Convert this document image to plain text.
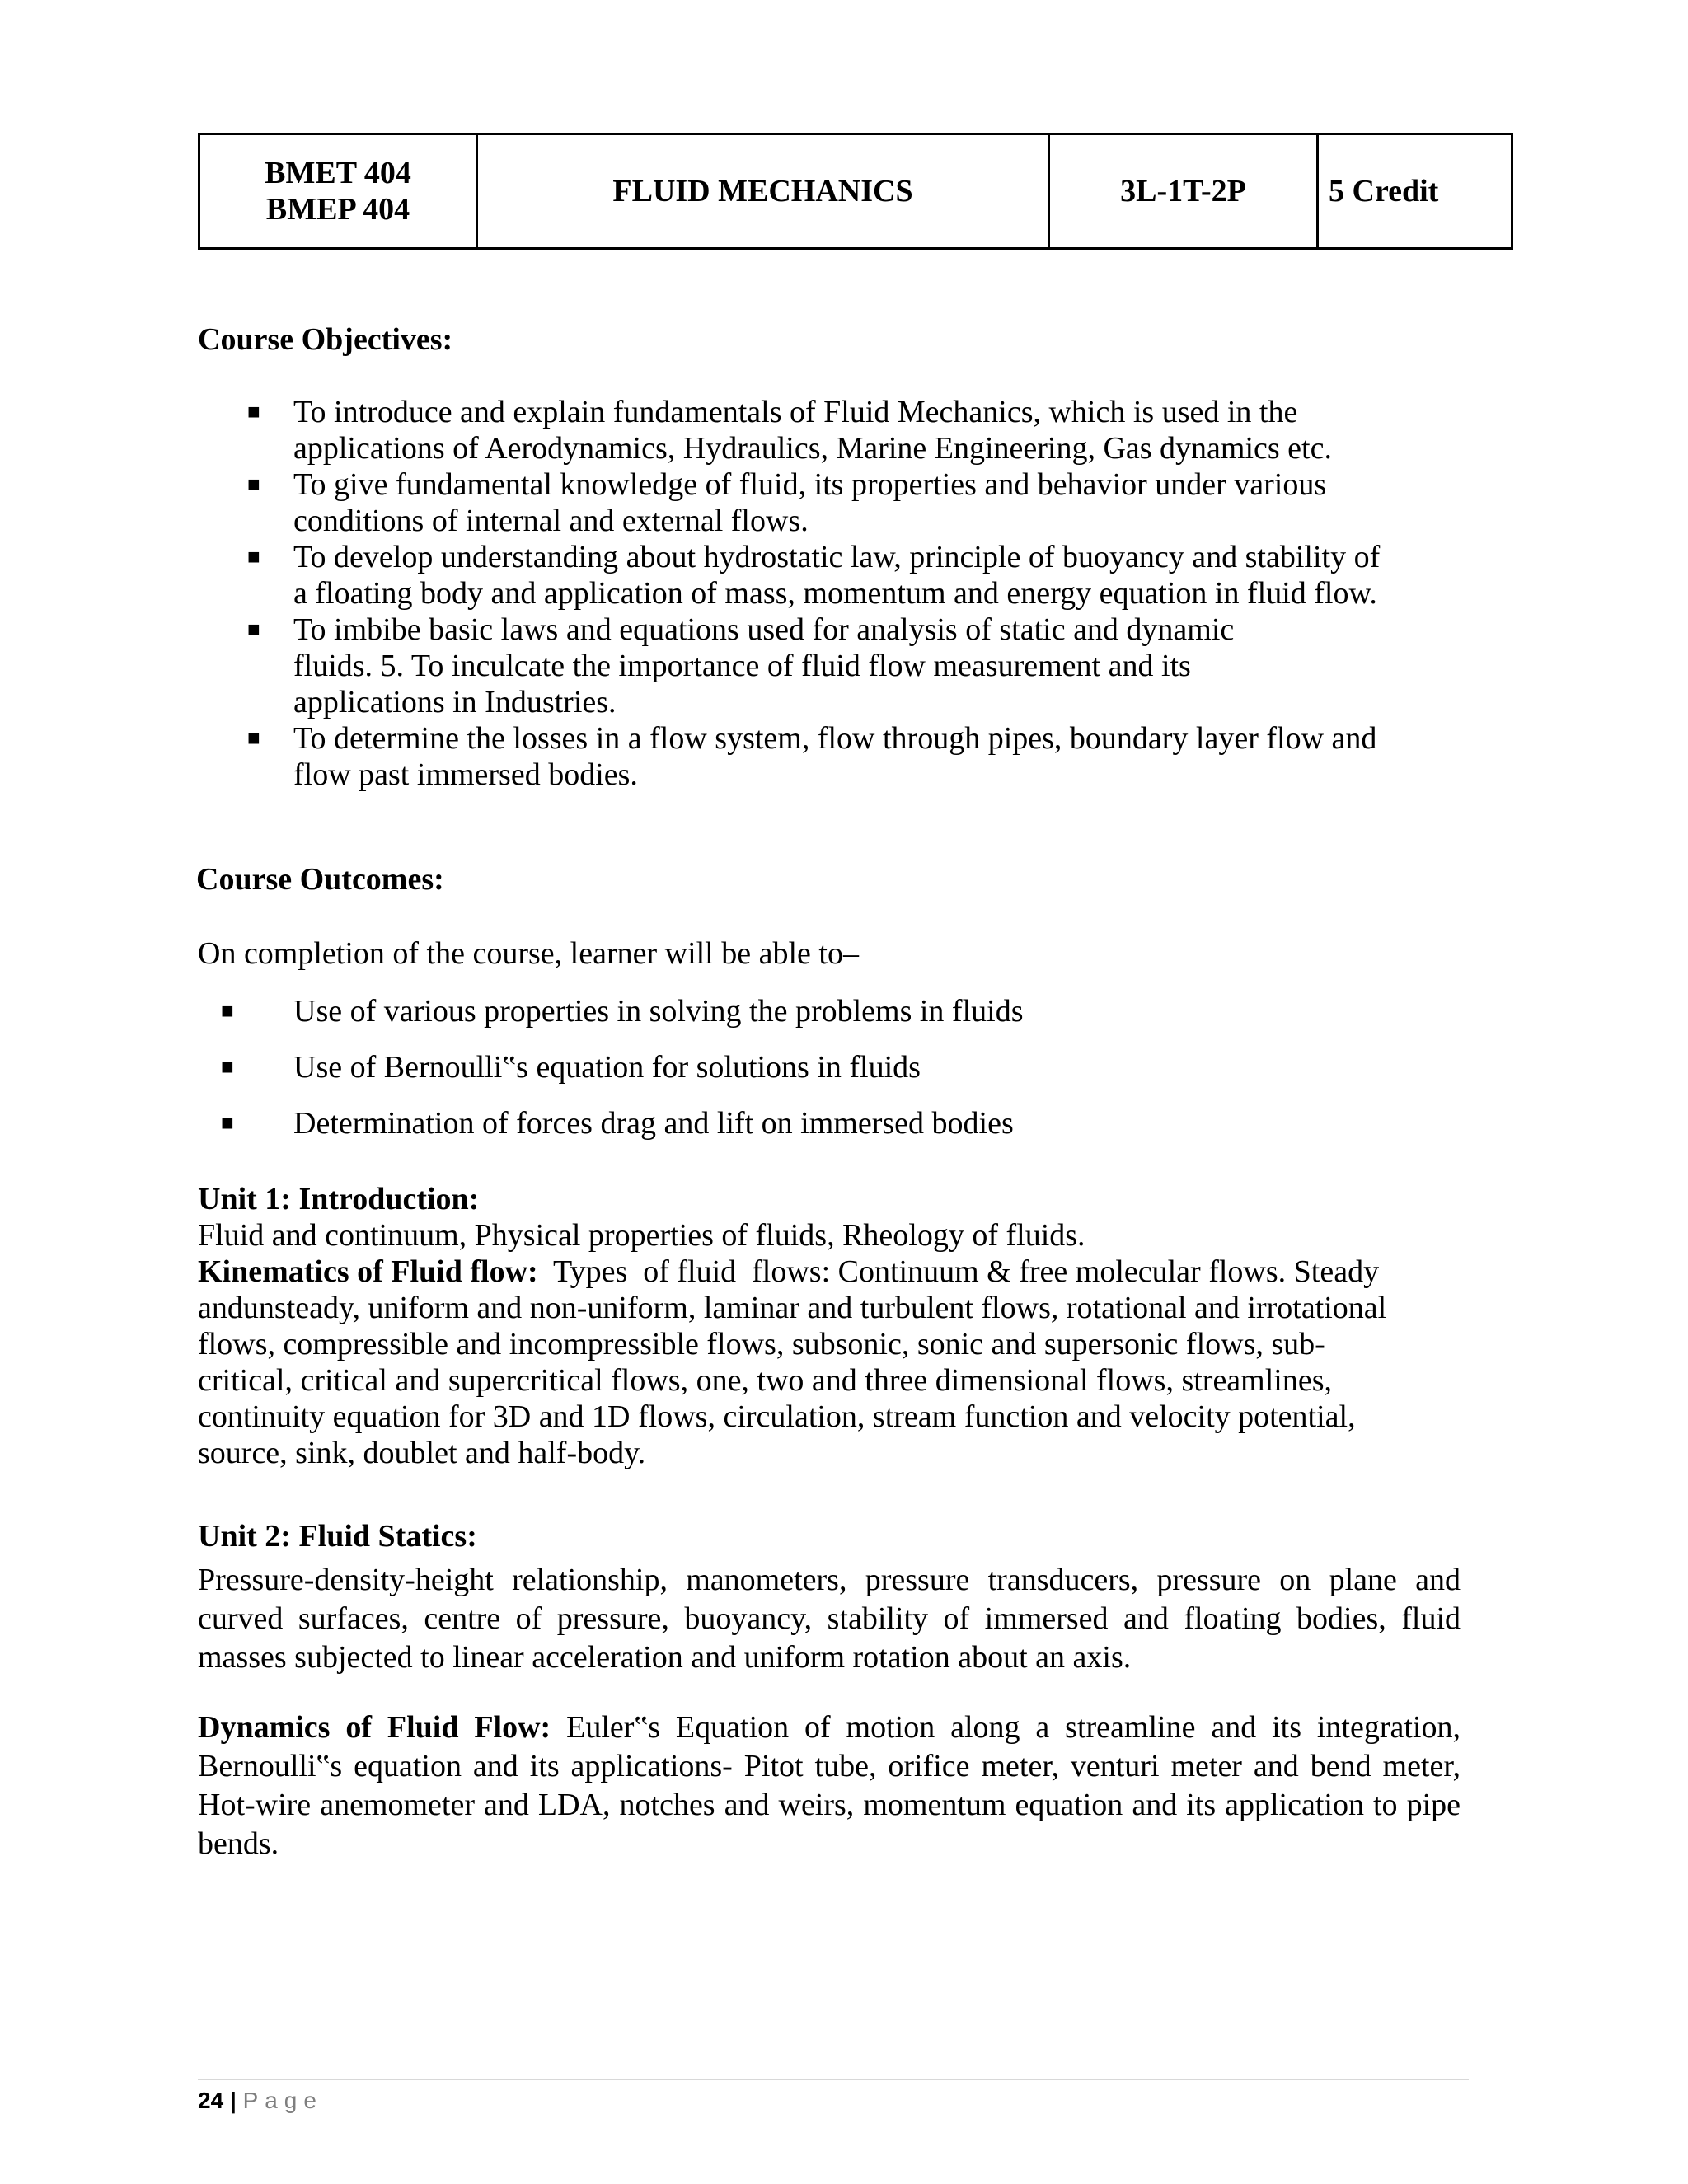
BMET 404
BMEP 404
FLUID MECHANICS	3L-1T-2P	5 Credit
Course Objectives:
■ To introduce and explain fundamentals of Fluid Mechanics, which is used in the
applications of Aerodynamics, Hydraulics, Marine Engineering, Gas dynamics etc.
■ To give fundamental knowledge of fluid, its properties and behavior under various
conditions of internal and external flows.
■ To develop understanding about hydrostatic law, principle of buoyancy and stability of
a floating body and application of mass, momentum and energy equation in fluid flow.
■ To imbibe basic laws and equations used for analysis of static and dynamic
fluids. 5. To inculcate the importance of fluid flow measurement and its
applications in Industries.
■ To determine the losses in a flow system, flow through pipes, boundary layer flow and
flow past immersed bodies.
Course Outcomes:
On completion of the course, learner will be able to–
■ Use of various properties in solving the problems in fluids
■ Use of Bernoulli‟s equation for solutions in fluids
■ Determination of forces drag and lift on immersed bodies
Unit 1: Introduction:
Fluid and continuum, Physical properties of fluids, Rheology of fluids.
Kinematics of Fluid flow:  Types  of fluid  flows: Continuum & free molecular flows. Steady
andunsteady, uniform and non-uniform, laminar and turbulent flows, rotational and irrotational
flows, compressible and incompressible flows, subsonic, sonic and supersonic flows, sub-
critical, critical and supercritical flows, one, two and three dimensional flows, streamlines,
continuity equation for 3D and 1D flows, circulation, stream function and velocity potential,
source, sink, doublet and half-body.
Unit 2: Fluid Statics:
Pressure-density-height relationship, manometers, pressure transducers, pressure on plane and curved surfaces, centre of pressure, buoyancy, stability of immersed and floating bodies, fluid masses subjected to linear acceleration and uniform rotation about an axis.
Dynamics of Fluid Flow: Euler‟s Equation of motion along a streamline and its integration, Bernoulli‟s equation and its applications- Pitot tube, orifice meter, venturi meter and bend meter, Hot-wire anemometer and LDA, notches and weirs, momentum equation and its application to pipe bends.
24 | Page
